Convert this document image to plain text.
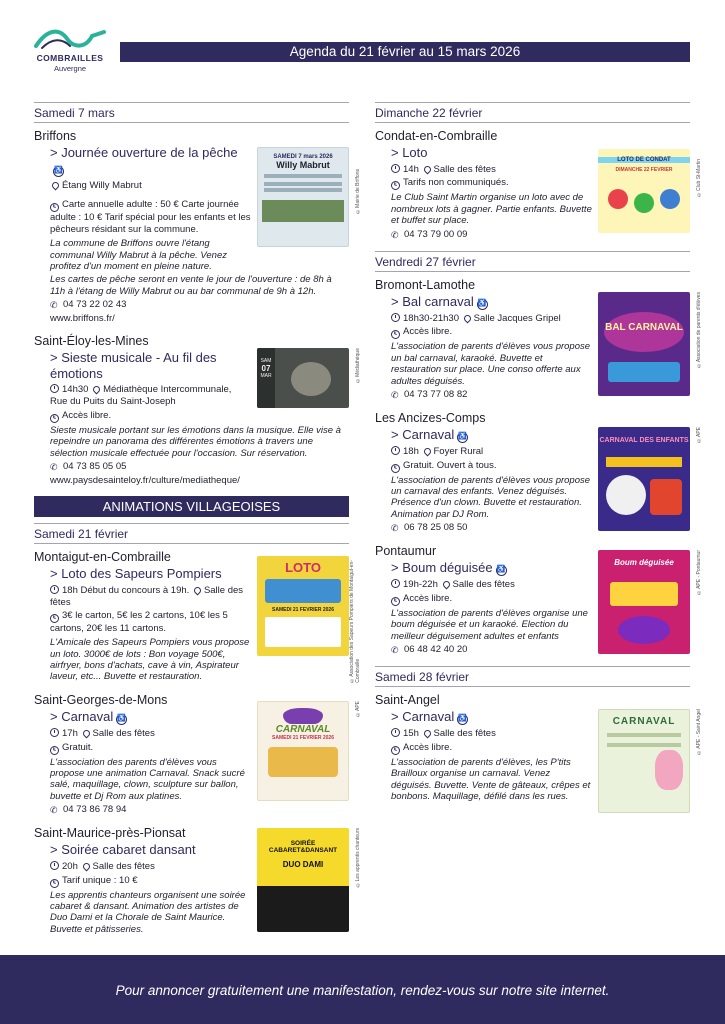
COMBRAILLES
Auvergne
Agenda du 21 février au 15 mars 2026
Samedi 7 mars
Briffons
> Journée ouverture de la pêche♿
Étang Willy Mabrut
€ Carte annuelle adulte : 50 € Carte journée adulte : 10 € Tarif spécial pour les enfants et les pêcheurs résidant sur la commune.
La commune de Briffons ouvre l'étang communal Willy Mabrut à la pêche. Venez profitez d'un moment en pleine nature.
Les cartes de pêche seront en vente le jour de l'ouverture : de 8h à 11h à l'étang de Willy Mabrut ou au bar communal de 9h à 12h.
✆ 04 73 22 02 43
www.briffons.fr/
SAMEDI 7 mars 2026
Willy Mabrut
©Mairie de Briffons
Saint-Éloy-les-Mines
> Sieste musicale - Au fil des émotions
14h30 Médiathèque Intercommunale, Rue du Puits du Saint-Joseph
€ Accès libre.
Sieste musicale portant sur les émotions dans la musique. Elle vise à repeindre un panorama des différentes émotions à travers une sélection musicale effectuée pour l'occasion. Sur réservation.
✆ 04 73 85 05 05
www.paysdesainteloy.fr/culture/mediatheque/
SAM
07
MAR	©Médiathèque
ANIMATIONS VILLAGEOISES
Samedi 21 février
Montaigut-en-Combraille
> Loto des Sapeurs Pompiers
18h Début du concours à 19h. Salle des fêtes
€ 3€ le carton, 5€ les 2 cartons, 10€ les 5 cartons, 20€ les 11 cartons.
L'Amicale des Sapeurs Pompiers vous propose un loto. 3000€ de lots : Bon voyage 500€, airfryer, bons d'achats, cave à vin, Aspirateur laveur, etc... Buvette et restauration.
LOTO
SAMEDI 21 FEVRIER 2026	©Association des Sapeurs Pompiers de Montaigut-en-Combraille
Saint-Georges-de-Mons
> Carnaval ♿
17h Salle des fêtes
€ Gratuit.
L'association des parents d'élèves vous propose une animation Carnaval. Snack sucré salé, maquillage, clown, sculpture sur ballon, buvette et Dj Rom aux platines.
✆ 04 73 86 78 94
CARNAVAL
SAMEDI 21 FEVRIER 2026
©APE
Saint-Maurice-près-Pionsat
> Soirée cabaret dansant
20h Salle des fêtes
€ Tarif unique : 10 €
Les apprentis chanteurs organisent une soirée cabaret & dansant. Animation des artistes de Duo Dami et la Chorale de Saint Maurice. Buvette et pâtisseries.
SOIRÉE CABARET&DANSANT
DUO DAMI	©Les apprentis chanteurs
Dimanche 22 février
Condat-en-Combraille
> Loto
14h Salle des fêtes
€ Tarifs non communiqués.
Le Club Saint Martin organise un loto avec de nombreux lots à gagner. Partie enfants. Buvette et buffet sur place.
✆ 04 73 79 00 09
LOTO DE CONDAT
DIMANCHE 22 FEVRIER	©Club St-Martin
Vendredi 27 février
Bromont-Lamothe
> Bal carnaval ♿
18h30-21h30 Salle Jacques Gripel
€ Accès libre.
L'association de parents d'élèves vous propose un bal carnaval, karaoké. Buvette et restauration sur place. Une conso offerte aux adultes déguisés.
✆ 04 73 77 08 82
BAL CARNAVAL	©Association de parents d'élèves
Les Ancizes-Comps
> Carnaval ♿
18h Foyer Rural
€ Gratuit. Ouvert à tous.
L'association de parents d'élèves vous propose un carnaval des enfants. Venez déguisés. Présence d'un clown. Buvette et restauration. Animation par DJ Rom.
✆ 06 78 25 08 50
CARNAVAL DES ENFANTS ©APE
Pontaumur
> Boum déguisée ♿
19h-22h Salle des fêtes
€ Accès libre.
L'association de parents d'élèves organise une boum déguisée et un karaoké. Election du meilleur déguisement adultes et enfants
✆ 06 48 42 40 20
Boum déguisée	©APE - Pontaumur
Samedi 28 février
Saint-Angel
> Carnaval ♿
15h Salle des fêtes
€ Accès libre.
L'association de parents d'élèves, les P'tits Brailloux organise un carnaval. Venez déguisés. Buvette. Vente de gâteaux, crêpes et bonbons. Maquillage, défilé dans les rues.
CARNAVAL	©APE - Saint Angel
Pour annoncer gratuitement une manifestation, rendez-vous sur notre site internet.
